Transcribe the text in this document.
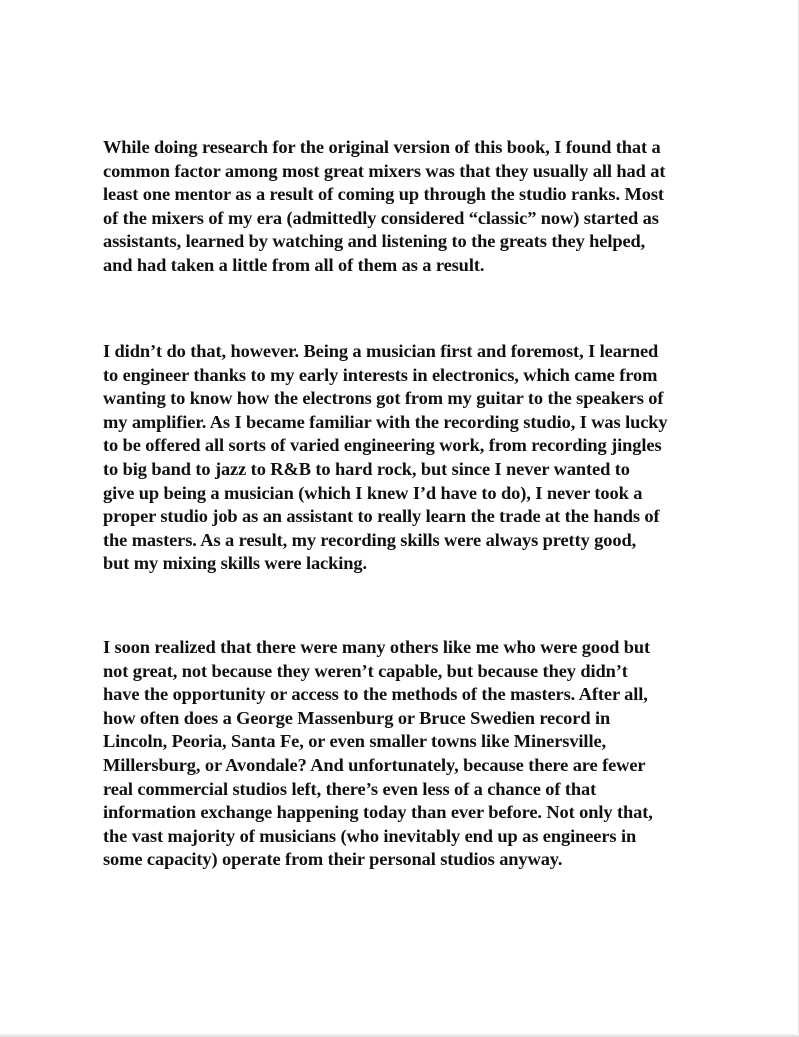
While doing research for the original version of this book, I found that a
common factor among most great mixers was that they usually all had at
least one mentor as a result of coming up through the studio ranks. Most
of the mixers of my era (admittedly considered “classic” now) started as
assistants, learned by watching and listening to the greats they helped,
and had taken a little from all of them as a result.

I didn’t do that, however. Being a musician first and foremost, I learned
to engineer thanks to my early interests in electronics, which came from
wanting to know how the electrons got from my guitar to the speakers of
my amplifier. As I became familiar with the recording studio, I was lucky
to be offered all sorts of varied engineering work, from recording jingles
to big band to jazz to R&B to hard rock, but since I never wanted to
give up being a musician (which I knew I’d have to do), I never took a
proper studio job as an assistant to really learn the trade at the hands of
the masters. As a result, my recording skills were always pretty good,
but my mixing skills were lacking.

I soon realized that there were many others like me who were good but
not great, not because they weren’t capable, but because they didn’t
have the opportunity or access to the methods of the masters. After all,
how often does a George Massenburg or Bruce Swedien record in
Lincoln, Peoria, Santa Fe, or even smaller towns like Minersville,
Millersburg, or Avondale? And unfortunately, because there are fewer
real commercial studios left, there’s even less of a chance of that
information exchange happening today than ever before. Not only that,
the vast majority of musicians (who inevitably end up as engineers in
some capacity) operate from their personal studios anyway.
